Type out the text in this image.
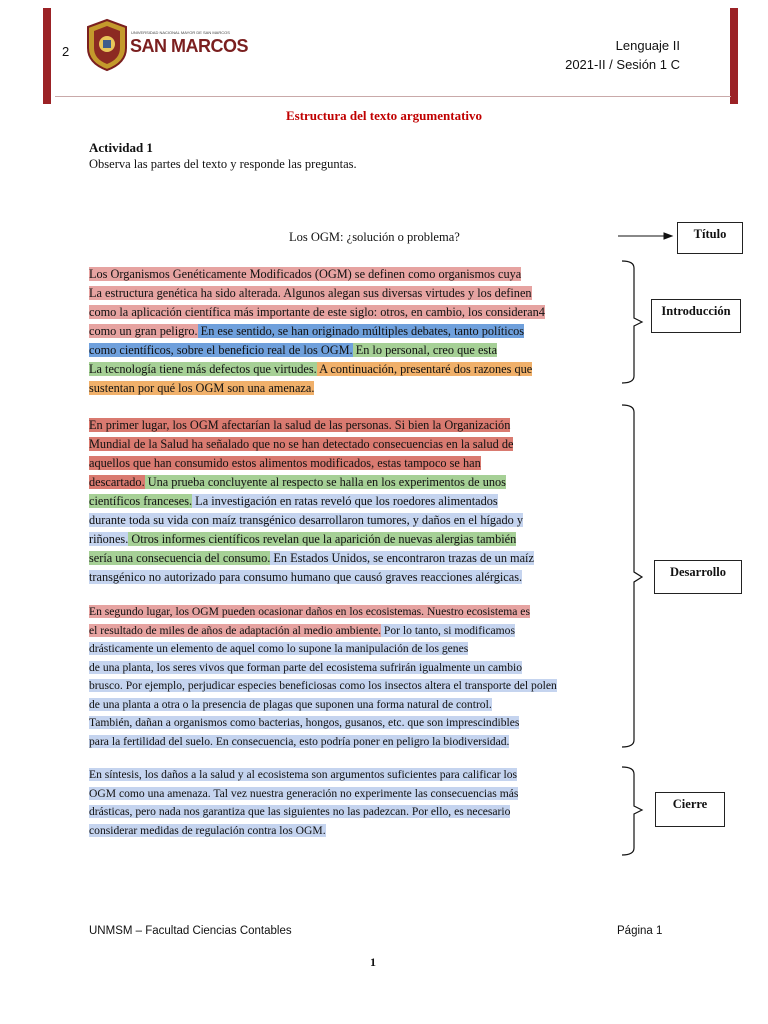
2	SAN MARCOS
UNIVERSIDAD NACIONAL MAYOR DE SAN MARCOS
Lenguaje II
2021-II / Sesión 1 C
Estructura del texto argumentativo
Actividad 1
Observa las partes del texto y responde las preguntas.
Los OGM: ¿solución o problema?
Los Organismos Genéticamente Modificados (OGM) se definen como organismos cuya
La estructura genética ha sido alterada. Algunos alegan sus diversas virtudes y los definen
como la aplicación científica más importante de este siglo: otros, en cambio, los consideran4
como un gran peligro. En ese sentido, se han originado múltiples debates, tanto políticos
como científicos, sobre el beneficio real de los OGM. En lo personal, creo que esta
La tecnología tiene más defectos que virtudes. A continuación, presentaré dos razones que
sustentan por qué los OGM son una amenaza.
En primer lugar, los OGM afectarían la salud de las personas. Si bien la Organización
Mundial de la Salud ha señalado que no se han detectado consecuencias en la salud de
aquellos que han consumido estos alimentos modificados, estas tampoco se han
descartado. Una prueba concluyente al respecto se halla en los experimentos de unos
científicos franceses. La investigación en ratas reveló que los roedores alimentados
durante toda su vida con maíz transgénico desarrollaron tumores, y daños en el hígado y
riñones. Otros informes científicos revelan que la aparición de nuevas alergias también
sería una consecuencia del consumo. En Estados Unidos, se encontraron trazas de un maíz
transgénico no autorizado para consumo humano que causó graves reacciones alérgicas.
En segundo lugar, los OGM pueden ocasionar daños en los ecosistemas. Nuestro ecosistema es
el resultado de miles de años de adaptación al medio ambiente. Por lo tanto, si modificamos
drásticamente un elemento de aquel como lo supone la manipulación de los genes
de una planta, los seres vivos que forman parte del ecosistema sufrirán igualmente un cambio
brusco. Por ejemplo, perjudicar especies beneficiosas como los insectos altera el transporte del polen
de una planta a otra o la presencia de plagas que suponen una forma natural de control.
También, dañan a organismos como bacterias, hongos, gusanos, etc. que son imprescindibles
para la fertilidad del suelo. En consecuencia, esto podría poner en peligro la biodiversidad.
En síntesis, los daños a la salud y al ecosistema son argumentos suficientes para calificar los
OGM como una amenaza. Tal vez nuestra generación no experimente las consecuencias más
drásticas, pero nada nos garantiza que las siguientes no las padezcan. Por ello, es necesario
considerar medidas de regulación contra los OGM.
Título
Introducción
Desarrollo
Cierre
UNMSM – Facultad Ciencias Contables	Página 1
1
